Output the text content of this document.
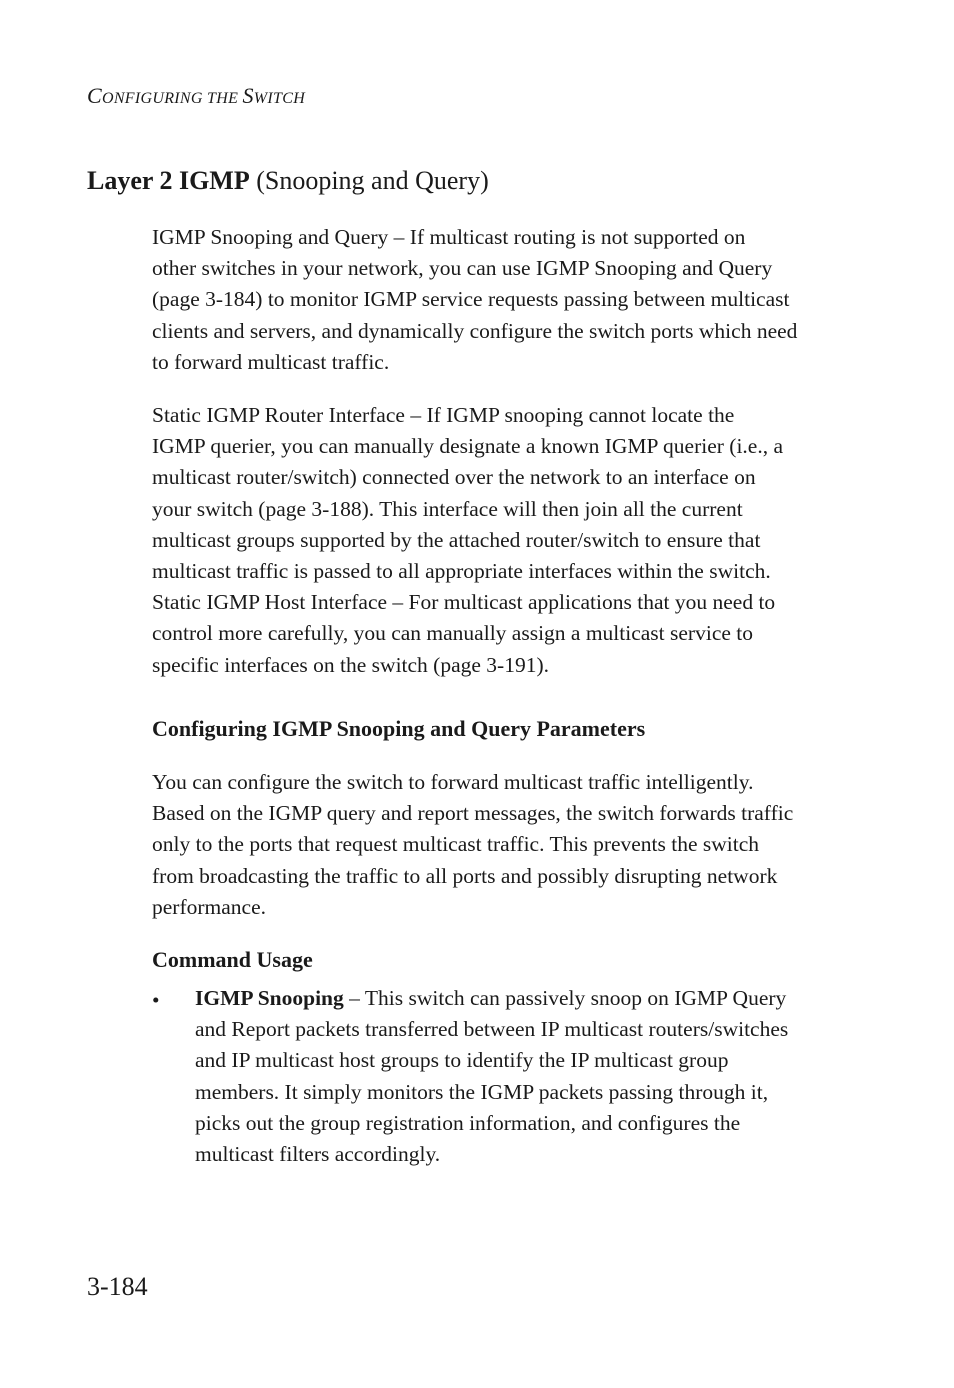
CONFIGURING THE SWITCH
Layer 2 IGMP (Snooping and Query)

IGMP Snooping and Query – If multicast routing is not supported on
other switches in your network, you can use IGMP Snooping and Query
(page 3-184) to monitor IGMP service requests passing between multicast
clients and servers, and dynamically configure the switch ports which need
to forward multicast traffic.

Static IGMP Router Interface – If IGMP snooping cannot locate the
IGMP querier, you can manually designate a known IGMP querier (i.e., a
multicast router/switch) connected over the network to an interface on
your switch (page 3-188). This interface will then join all the current
multicast groups supported by the attached router/switch to ensure that
multicast traffic is passed to all appropriate interfaces within the switch.
Static IGMP Host Interface – For multicast applications that you need to
control more carefully, you can manually assign a multicast service to
specific interfaces on the switch (page 3-191).

Configuring IGMP Snooping and Query Parameters

You can configure the switch to forward multicast traffic intelligently.
Based on the IGMP query and report messages, the switch forwards traffic
only to the ports that request multicast traffic. This prevents the switch
from broadcasting the traffic to all ports and possibly disrupting network
performance.

Command Usage
• IGMP Snooping – This switch can passively snoop on IGMP Query
and Report packets transferred between IP multicast routers/switches
and IP multicast host groups to identify the IP multicast group
members. It simply monitors the IGMP packets passing through it,
picks out the group registration information, and configures the
multicast filters accordingly.
3-184
